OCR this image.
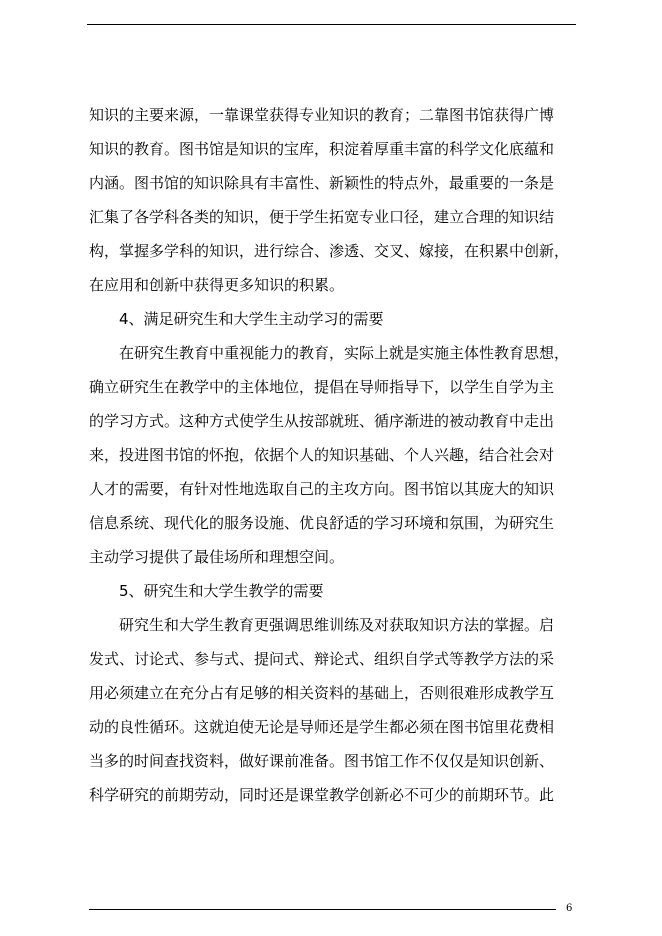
知识的主要来源，一靠课堂获得专业知识的教育；二靠图书馆获得广博
知识的教育。图书馆是知识的宝库，积淀着厚重丰富的科学文化底蕴和
内涵。图书馆的知识除具有丰富性、新颖性的特点外，最重要的一条是
汇集了各学科各类的知识，便于学生拓宽专业口径，建立合理的知识结
构，掌握多学科的知识，进行综合、渗透、交叉、嫁接，在积累中创新，
在应用和创新中获得更多知识的积累。
4、满足研究生和大学生主动学习的需要
在研究生教育中重视能力的教育，实际上就是实施主体性教育思想，
确立研究生在教学中的主体地位，提倡在导师指导下，以学生自学为主
的学习方式。这种方式使学生从按部就班、循序渐进的被动教育中走出
来，投进图书馆的怀抱，依据个人的知识基础、个人兴趣，结合社会对
人才的需要，有针对性地选取自己的主攻方向。图书馆以其庞大的知识
信息系统、现代化的服务设施、优良舒适的学习环境和氛围，为研究生
主动学习提供了最佳场所和理想空间。
5、研究生和大学生教学的需要
研究生和大学生教育更强调思维训练及对获取知识方法的掌握。启
发式、讨论式、参与式、提问式、辩论式、组织自学式等教学方法的采
用必须建立在充分占有足够的相关资料的基础上，否则很难形成教学互
动的良性循环。这就迫使无论是导师还是学生都必须在图书馆里花费相
当多的时间查找资料，做好课前准备。图书馆工作不仅仅是知识创新、
科学研究的前期劳动，同时还是课堂教学创新必不可少的前期环节。此
6
